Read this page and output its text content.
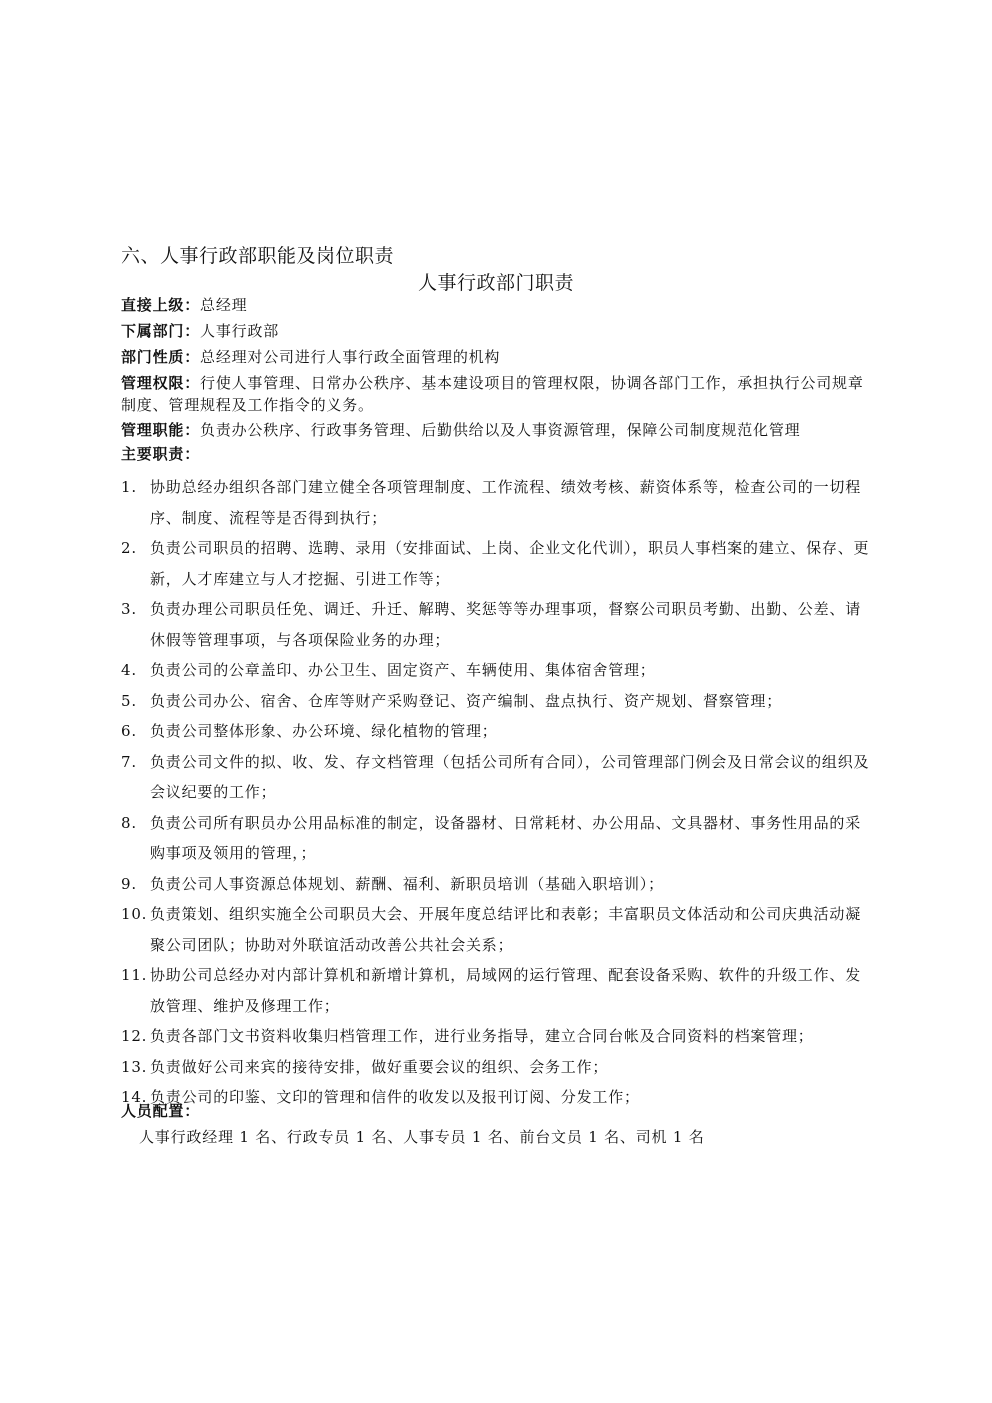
六、人事行政部职能及岗位职责
人事行政部门职责
直接上级：总经理
下属部门：人事行政部
部门性质：总经理对公司进行人事行政全面管理的机构
管理权限：行使人事管理、日常办公秩序、基本建设项目的管理权限，协调各部门工作，承担执行公司规章制度、管理规程及工作指令的义务。
管理职能：负责办公秩序、行政事务管理、后勤供给以及人事资源管理，保障公司制度规范化管理
主要职责：
1. 协助总经办组织各部门建立健全各项管理制度、工作流程、绩效考核、薪资体系等，检查公司的一切程序、制度、流程等是否得到执行；
2. 负责公司职员的招聘、选聘、录用（安排面试、上岗、企业文化代训），职员人事档案的建立、保存、更新，人才库建立与人才挖掘、引进工作等；
3. 负责办理公司职员任免、调迁、升迁、解聘、奖惩等等办理事项，督察公司职员考勤、出勤、公差、请休假等管理事项，与各项保险业务的办理；
4. 负责公司的公章盖印、办公卫生、固定资产、车辆使用、集体宿舍管理；
5. 负责公司办公、宿舍、仓库等财产采购登记、资产编制、盘点执行、资产规划、督察管理；
6. 负责公司整体形象、办公环境、绿化植物的管理；
7. 负责公司文件的拟、收、发、存文档管理（包括公司所有合同），公司管理部门例会及日常会议的组织及会议纪要的工作；
8. 负责公司所有职员办公用品标准的制定，设备器材、日常耗材、办公用品、文具器材、事务性用品的采购事项及领用的管理，；
9. 负责公司人事资源总体规划、薪酬、福利、新职员培训（基础入职培训）；
10. 负责策划、组织实施全公司职员大会、开展年度总结评比和表彰；丰富职员文体活动和公司庆典活动凝聚公司团队；协助对外联谊活动改善公共社会关系；
11. 协助公司总经办对内部计算机和新增计算机，局域网的运行管理、配套设备采购、软件的升级工作、发放管理、维护及修理工作；
12. 负责各部门文书资料收集归档管理工作，进行业务指导，建立合同台帐及合同资料的档案管理；
13. 负责做好公司来宾的接待安排，做好重要会议的组织、会务工作；
14. 负责公司的印鉴、文印的管理和信件的收发以及报刊订阅、分发工作；
人员配置：
人事行政经理 1 名、行政专员 1 名、人事专员 1 名、前台文员 1 名、司机 1 名
